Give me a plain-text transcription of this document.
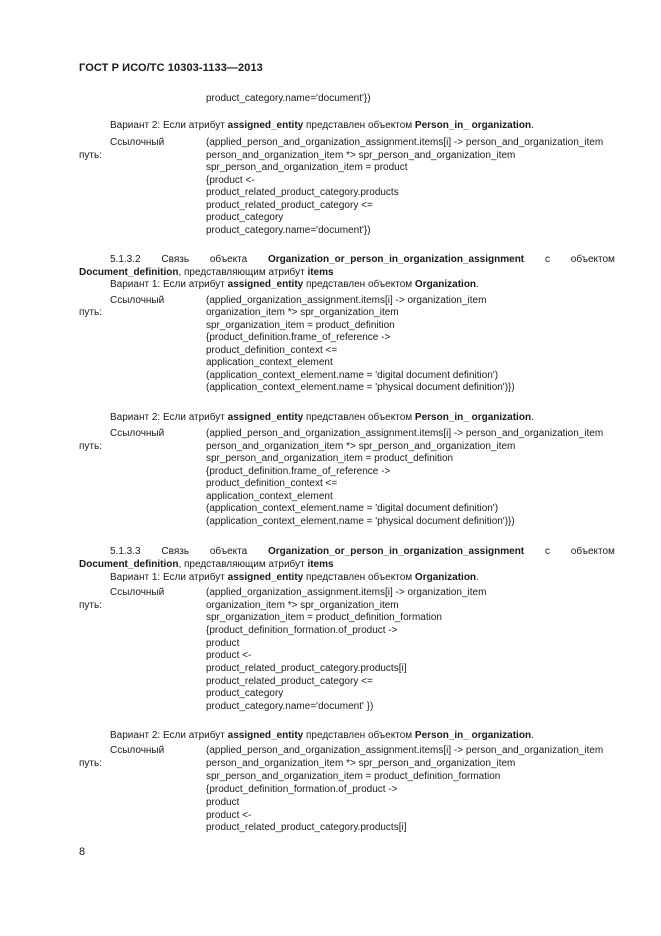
ГОСТ Р ИСО/ТС 10303-1133—2013
product_category.name='document'})
Вариант 2: Если атрибут assigned_entity представлен объектом Person_in_ organization.
Ссылочный
путь:
(applied_person_and_organization_assignment.items[i] -> person_and_organization_item
person_and_organization_item *> spr_person_and_organization_item
spr_person_and_organization_item = product
{product <-
product_related_product_category.products
product_related_product_category <=
product_category
product_category.name='document'})
5.1.3.2 Связь объекта Organization_or_person_in_organization_assignment с объектом
Document_definition, представляющим атрибут items
Вариант 1: Если атрибут assigned_entity представлен объектом Organization.
Ссылочный
путь:
(applied_organization_assignment.items[i] -> organization_item
organization_item *> spr_organization_item
spr_organization_item = product_definition
{product_definition.frame_of_reference ->
product_definition_context <=
application_context_element
(application_context_element.name = 'digital document definition')
(application_context_element.name = 'physical document definition')})
Вариант 2: Если атрибут assigned_entity представлен объектом Person_in_ organization.
Ссылочный
путь:
(applied_person_and_organization_assignment.items[i] -> person_and_organization_item
person_and_organization_item *> spr_person_and_organization_item
spr_person_and_organization_item = product_definition
{product_definition.frame_of_reference ->
product_definition_context <=
application_context_element
(application_context_element.name = 'digital document definition')
(application_context_element.name = 'physical document definition')})
5.1.3.3 Связь объекта Organization_or_person_in_organization_assignment с объектом
Document_definition, представляющим атрибут items
Вариант 1: Если атрибут assigned_entity представлен объектом Organization.
Ссылочный
путь:
(applied_organization_assignment.items[i] -> organization_item
organization_item *> spr_organization_item
spr_organization_item = product_definition_formation
{product_definition_formation.of_product ->
product
product <-
product_related_product_category.products[i]
product_related_product_category <=
product_category
product_category.name='document' })
Вариант 2: Если атрибут assigned_entity представлен объектом Person_in_ organization.
Ссылочный
путь:
(applied_person_and_organization_assignment.items[i] -> person_and_organization_item
person_and_organization_item *> spr_person_and_organization_item
spr_person_and_organization_item = product_definition_formation
{product_definition_formation.of_product ->
product
product <-
product_related_product_category.products[i]
8
